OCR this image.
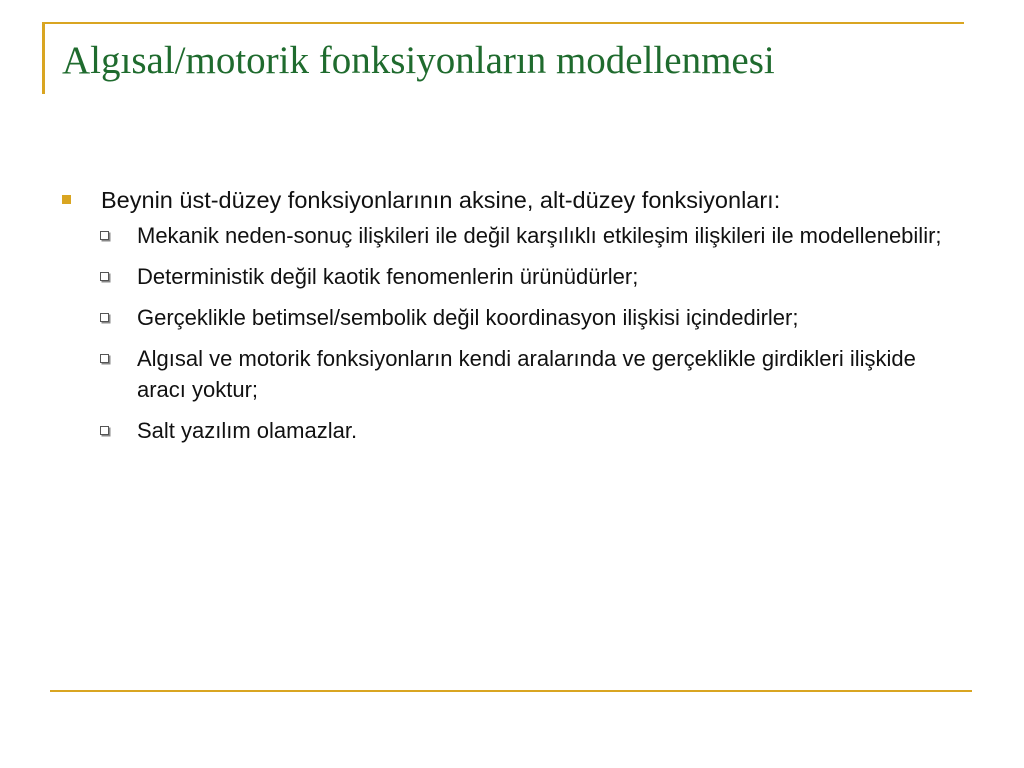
Algısal/motorik fonksiyonların modellenmesi
Beynin üst-düzey fonksiyonlarının aksine, alt-düzey fonksiyonları:
Mekanik neden-sonuç ilişkileri ile değil karşılıklı etkileşim ilişkileri ile modellenebilir;
Deterministik değil kaotik fenomenlerin ürünüdürler;
Gerçeklikle betimsel/sembolik değil koordinasyon ilişkisi içindedirler;
Algısal ve motorik fonksiyonların kendi aralarında ve gerçeklikle girdikleri ilişkide aracı yoktur;
Salt yazılım olamazlar.
